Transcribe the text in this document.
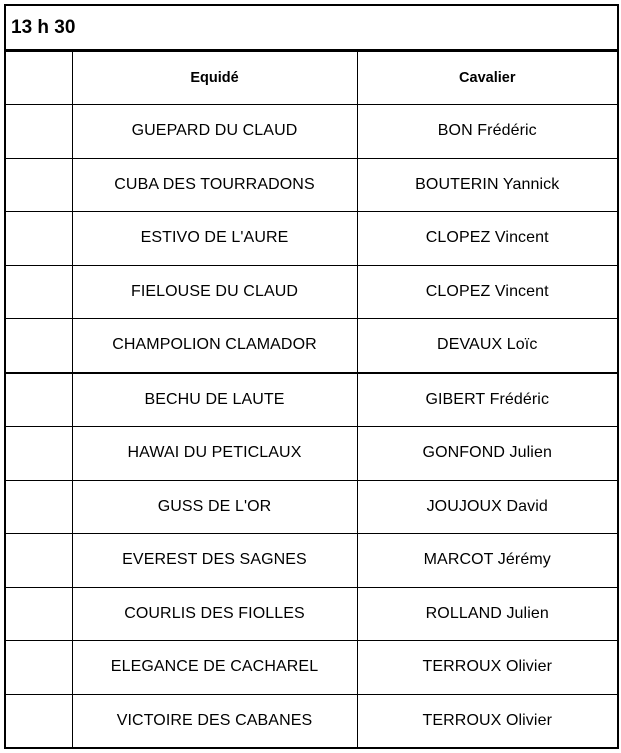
13 h 30
	Equidé	Cavalier
	GUEPARD DU CLAUD	BON Frédéric
	CUBA DES TOURRADONS	BOUTERIN Yannick
	ESTIVO DE L'AURE	CLOPEZ Vincent
	FIELOUSE DU CLAUD	CLOPEZ Vincent
	CHAMPOLION CLAMADOR	DEVAUX Loïc
	BECHU DE LAUTE	GIBERT Frédéric
	HAWAI DU PETICLAUX	GONFOND Julien
	GUSS DE L'OR	JOUJOUX David
	EVEREST DES SAGNES	MARCOT Jérémy
	COURLIS DES FIOLLES	ROLLAND Julien
	ELEGANCE DE CACHAREL	TERROUX Olivier
	VICTOIRE DES CABANES	TERROUX Olivier
